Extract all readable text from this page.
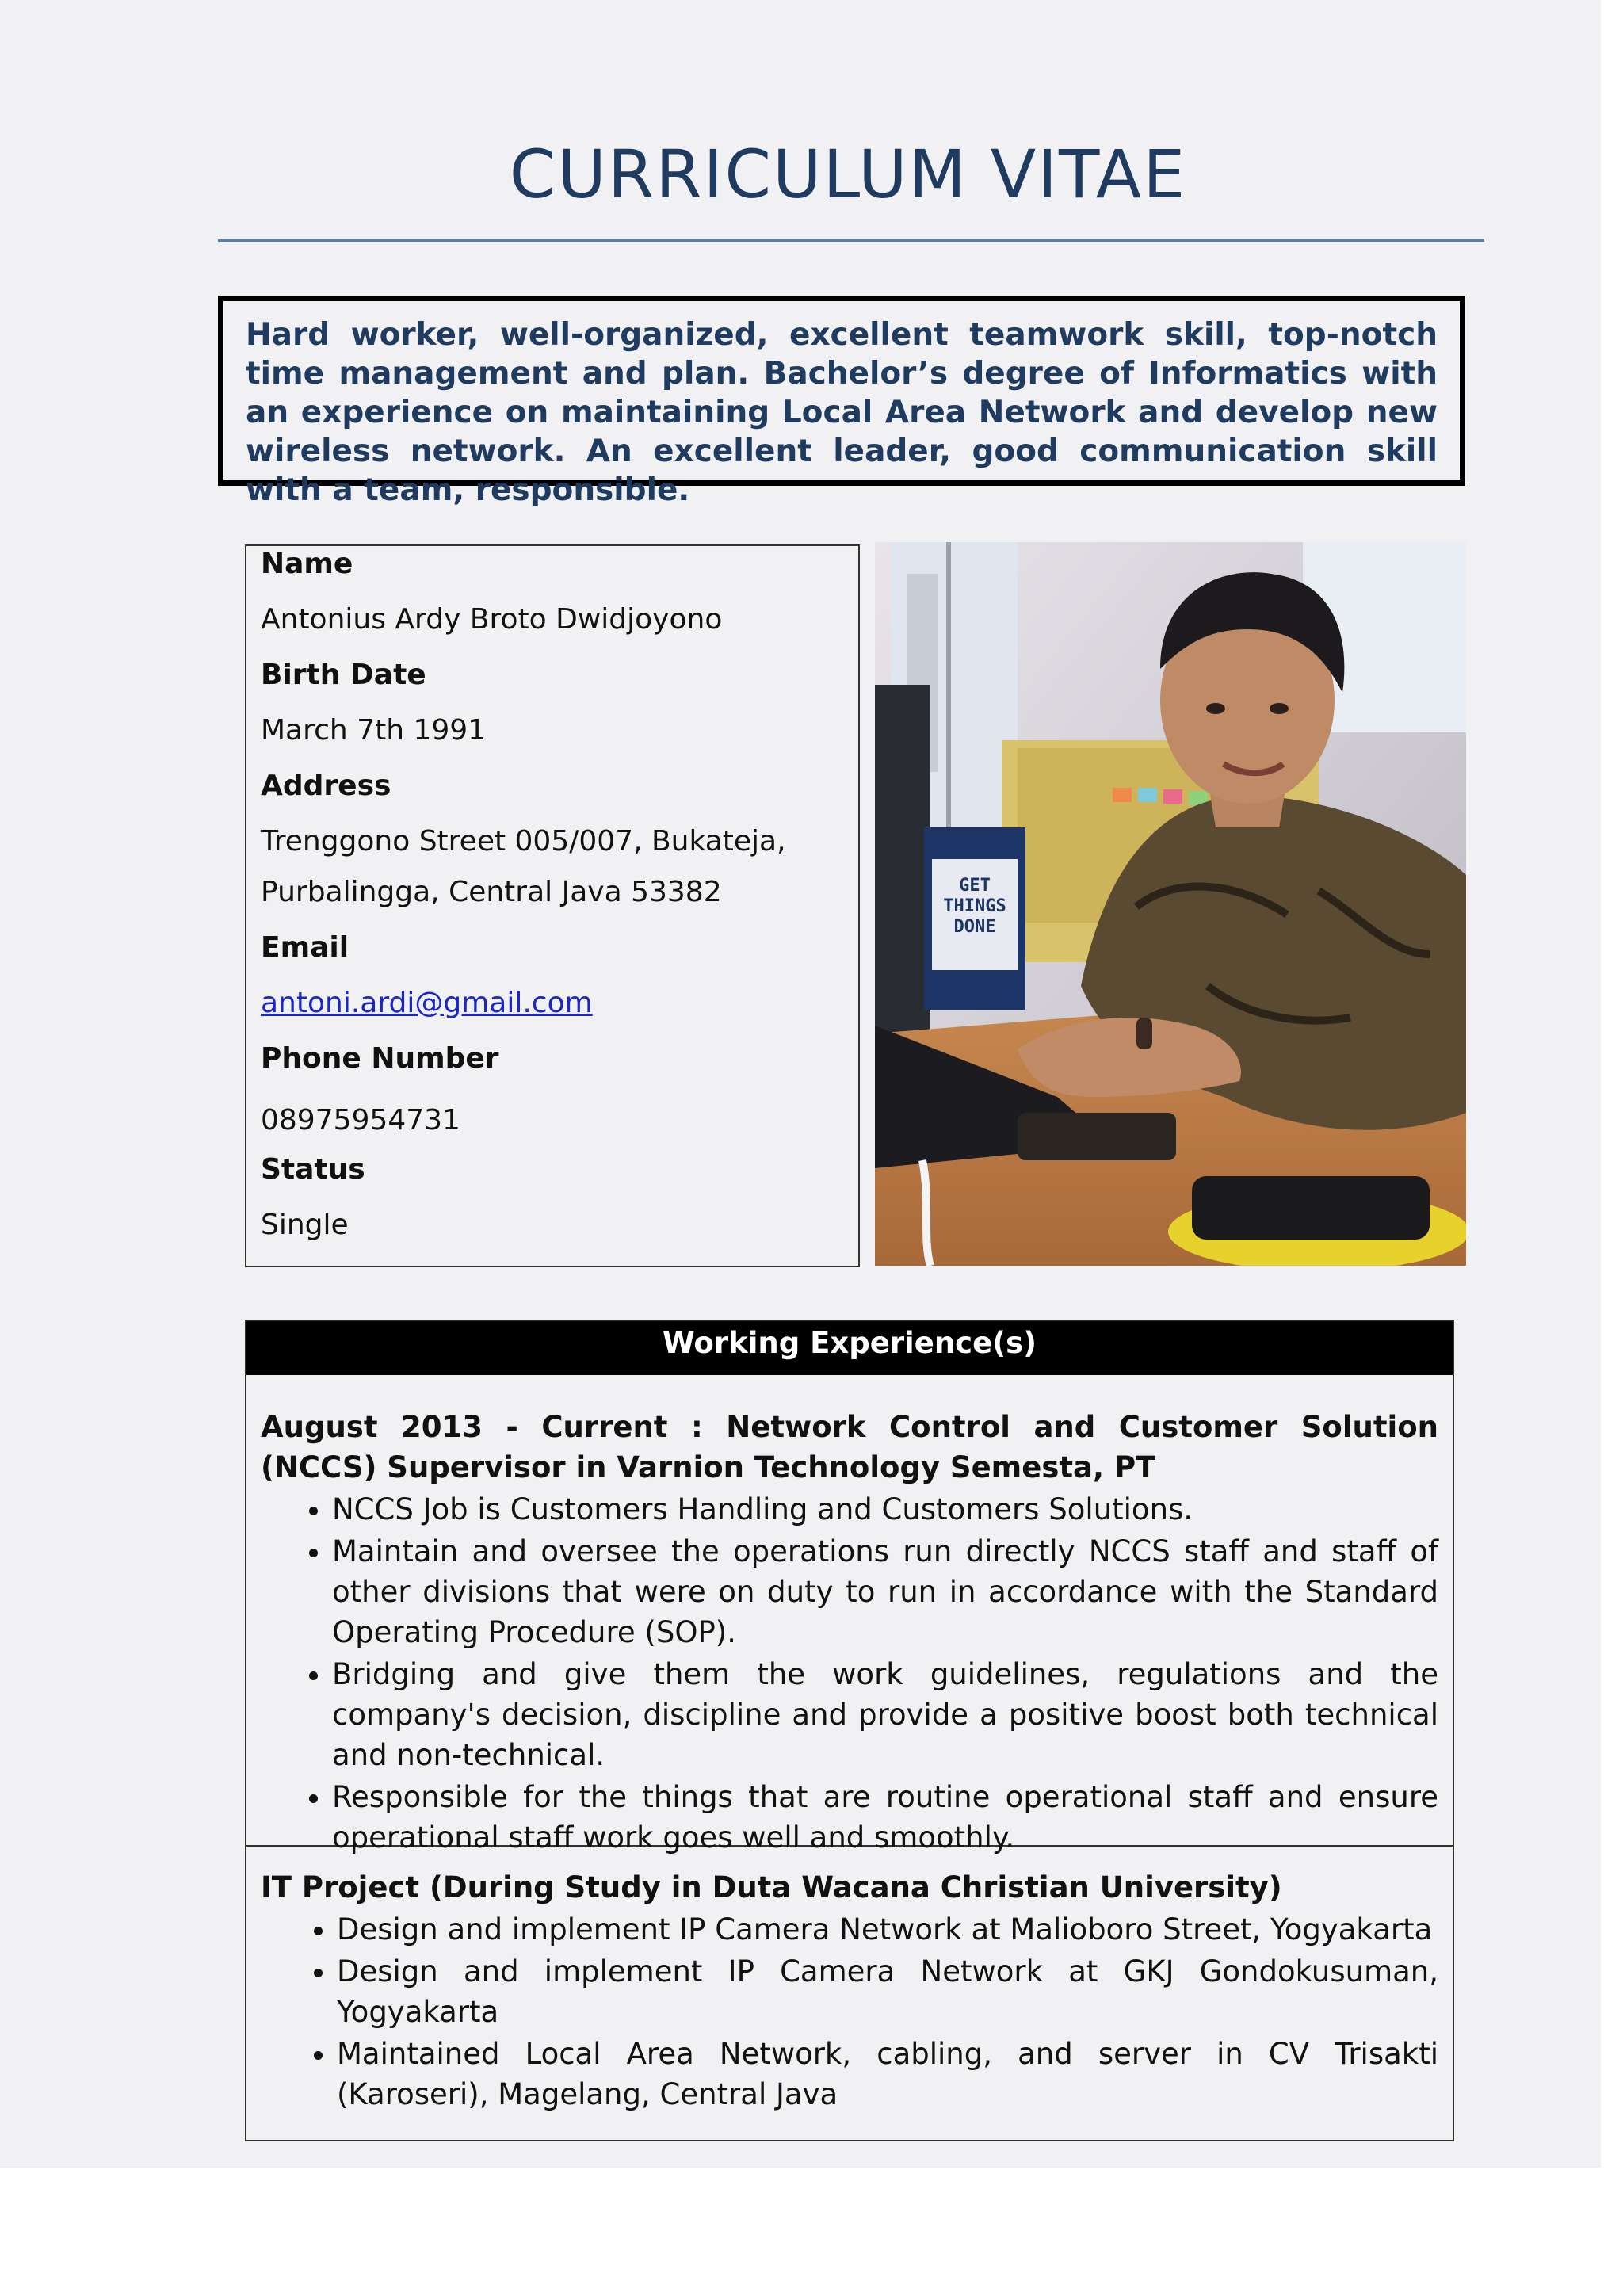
CURRICULUM VITAE
Hard worker, well-organized, excellent teamwork skill, top-notch time management and plan. Bachelor’s degree of Informatics with an experience on maintaining Local Area Network and develop new wireless network. An excellent leader, good communication skill with a team, responsible.
Name
Antonius Ardy Broto Dwidjoyono
Birth Date
March 7th 1991
Address
Trenggono Street 005/007, Bukateja,
Purbalingga, Central Java 53382
Email
antoni.ardi@gmail.com
Phone Number
08975954731
Status
Single
GET
THINGS
DONE
Working Experience(s)
August 2013 - Current : Network Control and Customer Solution (NCCS) Supervisor in Varnion Technology Semesta, PT
• NCCS Job is Customers Handling and Customers Solutions.
• Maintain and oversee the operations run directly NCCS staff and staff of other divisions that were on duty to run in accordance with the Standard Operating Procedure (SOP).
• Bridging and give them the work guidelines, regulations and the company's decision, discipline and provide a positive boost both technical and non-technical.
• Responsible for the things that are routine operational staff and ensure operational staff work goes well and smoothly.
IT Project (During Study in Duta Wacana Christian University)
• Design and implement IP Camera Network at Malioboro Street, Yogyakarta
• Design and implement IP Camera Network at GKJ Gondokusuman, Yogyakarta
• Maintained Local Area Network, cabling, and server in CV Trisakti (Karoseri), Magelang, Central Java
